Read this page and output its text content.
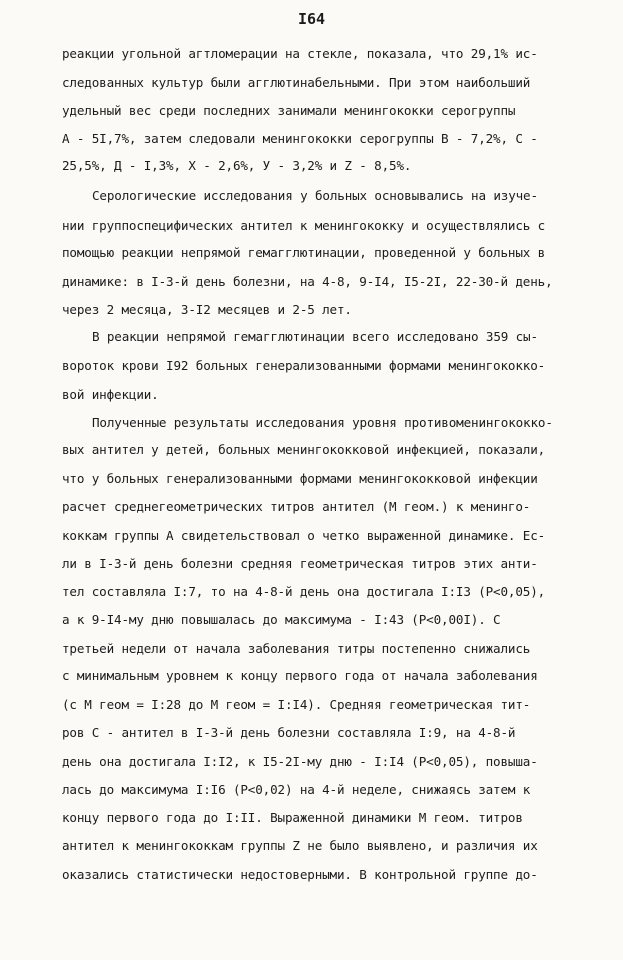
I64
реакции угольной агтломерации на стекле, показала, что 29,1% ис-
следованных культур были агглютинабельными. При этом наибольший
удельный вес среди последних занимали менингококки серогруппы
А - 5I,7%, затем следовали менингококки серогруппы В - 7,2%, С -
25,5%, Д - I,3%, Х - 2,6%, У - 3,2% и Z - 8,5%.
Серологические исследования у больных основывались на изуче-
нии группоспецифических антител к менингококку и осуществлялись с
помощью реакции непрямой гемагглютинации, проведенной у больных в
динамике: в I-3-й день болезни, на 4-8, 9-I4, I5-2I, 22-30-й день,
через 2 месяца, 3-I2 месяцев и 2-5 лет.
В реакции непрямой гемагглютинации всего исследовано 359 сы-
вороток крови I92 больных генерализованными формами менингококко-
вой инфекции.
Полученные результаты исследования уровня противоменингококко-
вых антител у детей, больных менингококковой инфекцией, показали,
что у больных генерализованными формами менингококковой инфекции
расчет среднегеометрических титров антител (М геом.) к менинго-
коккам группы А свидетельствовал о четко выраженной динамике. Ес-
ли в I-3-й день болезни средняя геометрическая титров этих анти-
тел составляла I:7, то на 4-8-й день она достигала I:I3 (Р<0,05),
а к 9-I4-му дню повышалась до максимума - I:43 (Р<0,00I). С
третьей недели от начала заболевания титры постепенно снижались
с минимальным уровнем к концу первого года от начала заболевания
(с М геом = I:28 до М геом = I:I4). Средняя геометрическая тит-
ров С - антител в I-3-й день болезни составляла I:9, на 4-8-й
день она достигала I:I2, к I5-2I-му дню - I:I4 (Р<0,05), повыша-
лась до максимума I:I6 (Р<0,02) на 4-й неделе, снижаясь затем к
концу первого года до I:II. Выраженной динамики М геом. титров
антител к менингококкам группы Z не было выявлено, и различия их
оказались статистически недостоверными. В контрольной группе до-
